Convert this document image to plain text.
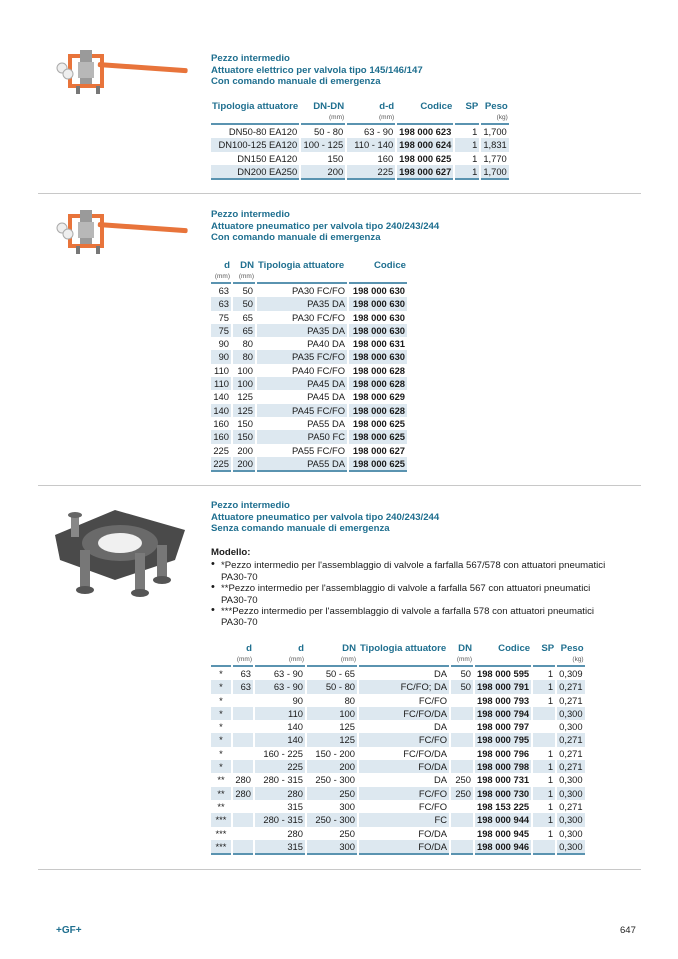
Pezzo intermedio
Attuatore elettrico per valvola tipo 145/146/147
Con comando manuale di emergenza
Tipologia attuatore	DN-DN	d-d	Codice	SP	Peso
	(mm)	(mm)			(kg)
DN50-80 EA120	50 - 80	63 - 90	198 000 623	1	1,700
DN100-125 EA120	100 - 125	110 - 140	198 000 624	1	1,831
DN150 EA120	150	160	198 000 625	1	1,770
DN200 EA250	200	225	198 000 627	1	1,700
Pezzo intermedio
Attuatore pneumatico per valvola tipo 240/243/244
Con comando manuale di emergenza
d	DN	Tipologia attuatore	Codice
(mm)	(mm)		
63	50	PA30 FC/FO	198 000 630
63	50	PA35 DA	198 000 630
75	65	PA30 FC/FO	198 000 630
75	65	PA35 DA	198 000 630
90	80	PA40 DA	198 000 631
90	80	PA35 FC/FO	198 000 630
110	100	PA40 FC/FO	198 000 628
110	100	PA45 DA	198 000 628
140	125	PA45 DA	198 000 629
140	125	PA45 FC/FO	198 000 628
160	150	PA55 DA	198 000 625
160	150	PA50 FC	198 000 625
225	200	PA55 FC/FO	198 000 627
225	200	PA55 DA	198 000 625
Pezzo intermedio
Attuatore pneumatico per valvola tipo 240/243/244
Senza comando manuale di emergenza
Modello:
• *Pezzo intermedio per l'assemblaggio di valvole a farfalla 567/578 con attuatori pneumatici PA30-70
• **Pezzo intermedio per l'assemblaggio di valvole a farfalla 567 con attuatori pneumatici PA30-70
• ***Pezzo intermedio per l'assemblaggio di valvole a farfalla 578 con attuatori pneumatici PA30-70
	d	d	DN	Tipologia attuatore	DN	Codice	SP	Peso
	(mm)	(mm)	(mm)		(mm)			(kg)
*	63	63 - 90	50 - 65	DA	50	198 000 595	1	0,309
*	63	63 - 90	50 - 80	FC/FO; DA	50	198 000 791	1	0,271
*		90	80	FC/FO		198 000 793	1	0,271
*		110	100	FC/FO/DA		198 000 794		0,300
*		140	125	DA		198 000 797		0,300
*		140	125	FC/FO		198 000 795		0,271
*		160 - 225	150 - 200	FC/FO/DA		198 000 796	1	0,271
*		225	200	FO/DA		198 000 798	1	0,271
**	280	280 - 315	250 - 300	DA	250	198 000 731	1	0,300
**	280	280	250	FC/FO	250	198 000 730	1	0,300
**		315	300	FC/FO		198 153 225	1	0,271
***		280 - 315	250 - 300	FC		198 000 944	1	0,300
***		280	250	FO/DA		198 000 945	1	0,300
***		315	300	FO/DA		198 000 946		0,300
+GF+	647
